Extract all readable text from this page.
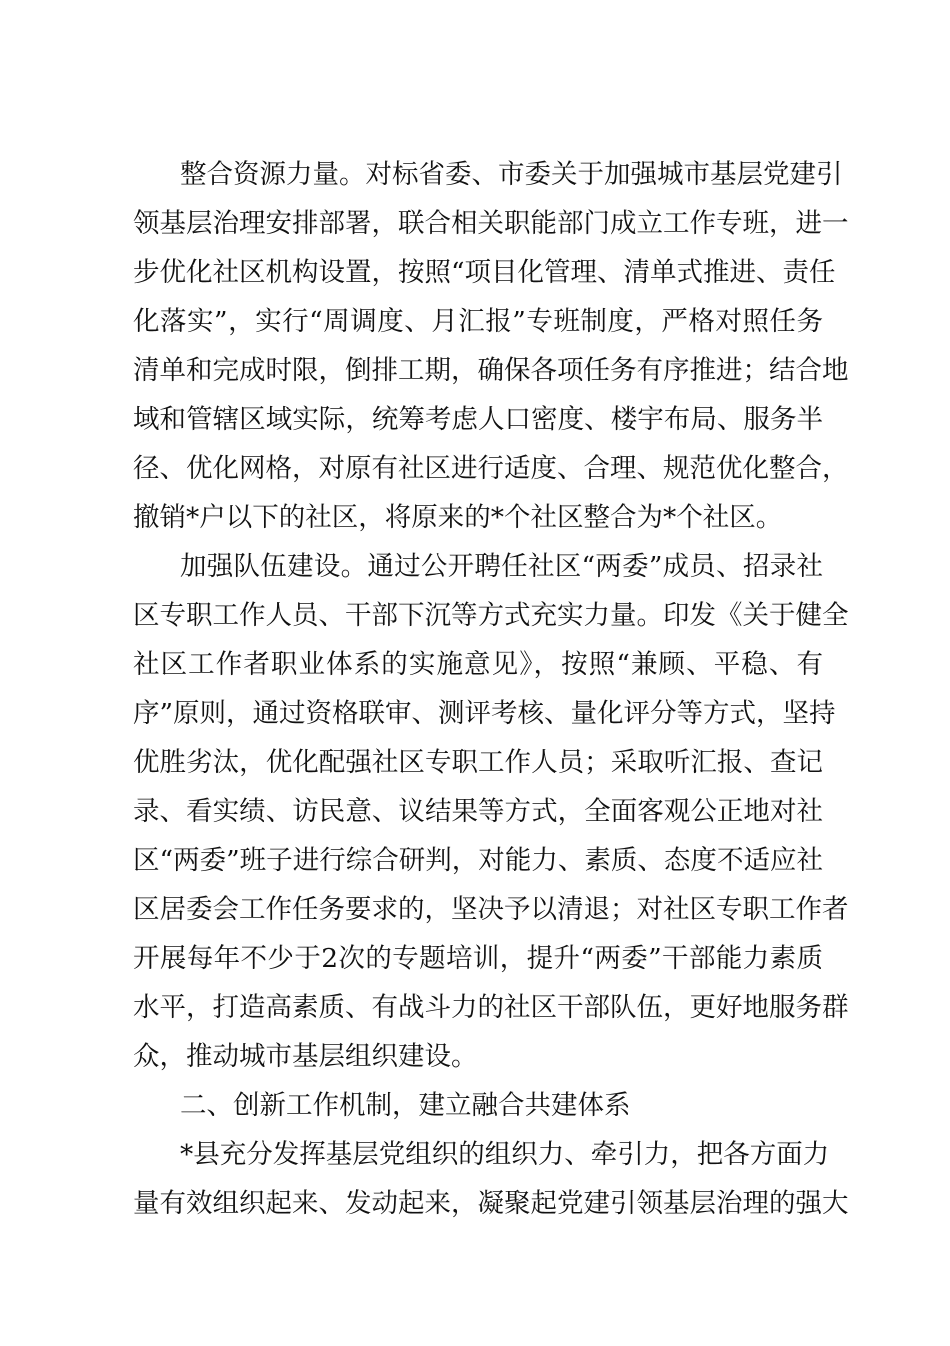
整合资源力量。对标省委、市委关于加强城市基层党建引
领基层治理安排部署，联合相关职能部门成立工作专班，进一
步优化社区机构设置，按照“项目化管理、清单式推进、责任
化落实”，实行“周调度、月汇报”专班制度，严格对照任务
清单和完成时限，倒排工期，确保各项任务有序推进；结合地
域和管辖区域实际，统筹考虑人口密度、楼宇布局、服务半
径、优化网格，对原有社区进行适度、合理、规范优化整合，
撤销*户以下的社区，将原来的*个社区整合为*个社区。
加强队伍建设。通过公开聘任社区“两委”成员、招录社
区专职工作人员、干部下沉等方式充实力量。印发《关于健全
社区工作者职业体系的实施意见》，按照“兼顾、平稳、有
序”原则，通过资格联审、测评考核、量化评分等方式，坚持
优胜劣汰，优化配强社区专职工作人员；采取听汇报、查记
录、看实绩、访民意、议结果等方式，全面客观公正地对社
区“两委”班子进行综合研判，对能力、素质、态度不适应社
区居委会工作任务要求的，坚决予以清退；对社区专职工作者
开展每年不少于2次的专题培训，提升“两委”干部能力素质
水平，打造高素质、有战斗力的社区干部队伍，更好地服务群
众，推动城市基层组织建设。
二、创新工作机制，建立融合共建体系
*县充分发挥基层党组织的组织力、牵引力，把各方面力
量有效组织起来、发动起来，凝聚起党建引领基层治理的强大
